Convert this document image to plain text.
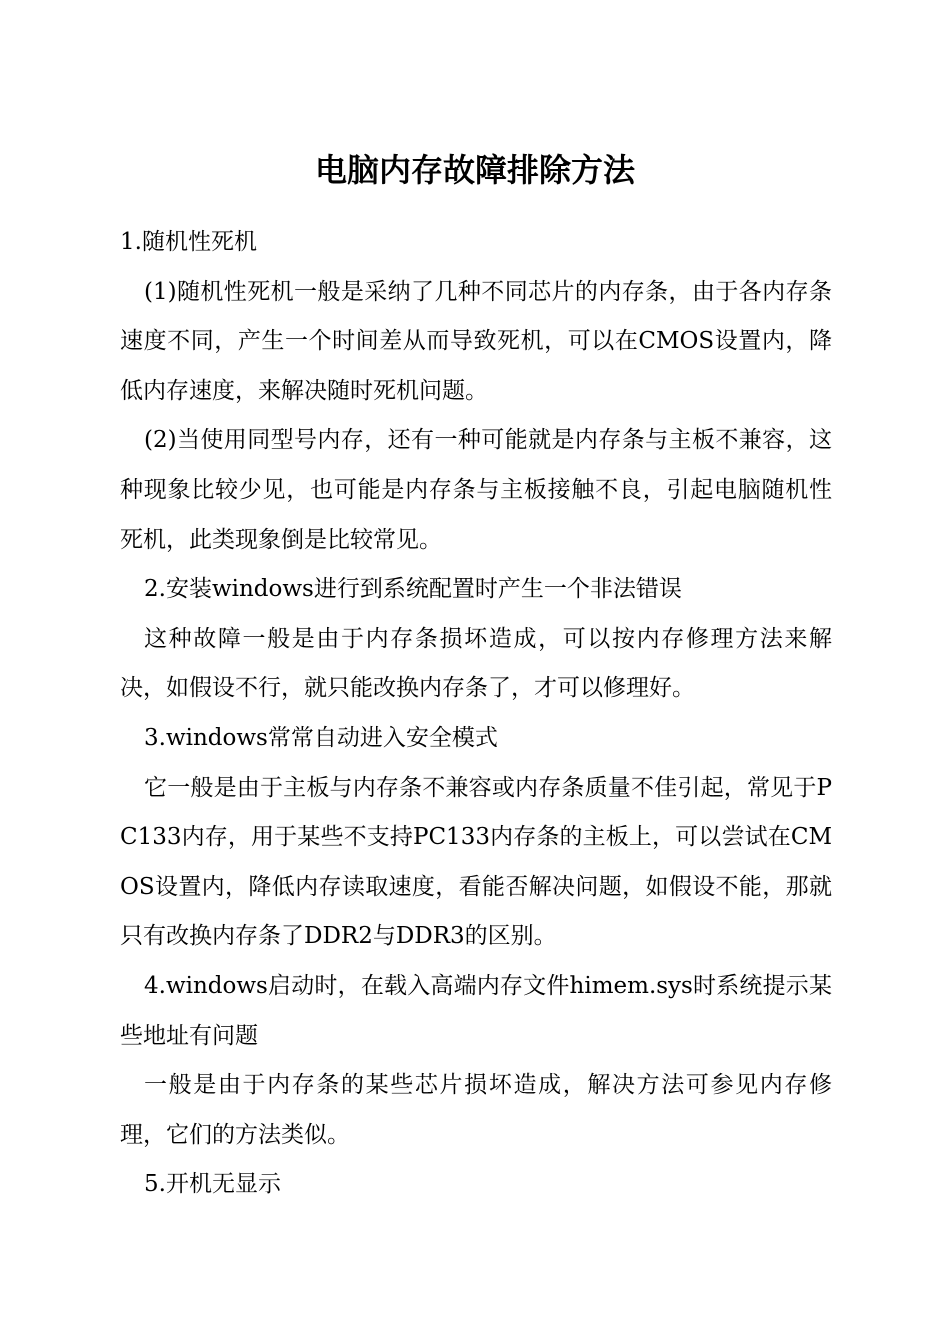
电脑内存故障排除方法

1.随机性死机

(1)随机性死机一般是采纳了几种不同芯片的内存条，由于各内存条速度不同，产生一个时间差从而导致死机，可以在CMOS设置内，降低内存速度，来解决随时死机问题。

(2)当使用同型号内存，还有一种可能就是内存条与主板不兼容，这种现象比较少见，也可能是内存条与主板接触不良，引起电脑随机性死机，此类现象倒是比较常见。

2.安装windows进行到系统配置时产生一个非法错误

这种故障一般是由于内存条损坏造成，可以按内存修理方法来解决，如假设不行，就只能改换内存条了，才可以修理好。

3.windows常常自动进入安全模式

它一般是由于主板与内存条不兼容或内存条质量不佳引起，常见于PC133内存，用于某些不支持PC133内存条的主板上，可以尝试在CMOS设置内，降低内存读取速度，看能否解决问题，如假设不能，那就只有改换内存条了DDR2与DDR3的区别。

4.windows启动时，在载入高端内存文件himem.sys时系统提示某些地址有问题

一般是由于内存条的某些芯片损坏造成，解决方法可参见内存修理，它们的方法类似。

5.开机无显示
